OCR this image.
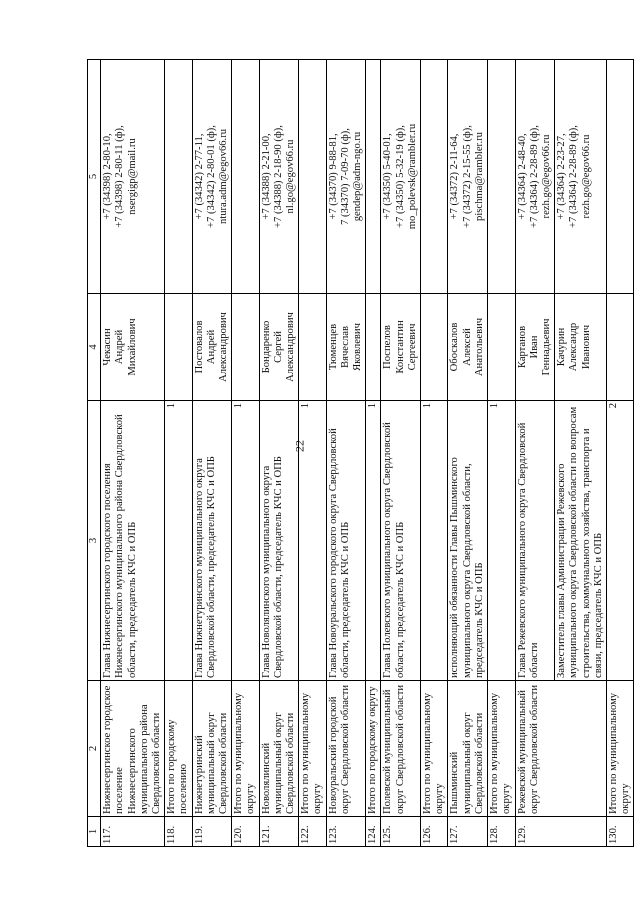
22
1	2	3	4	5
117.	Нижнесергинское городское поселение Нижнесергинского муниципального района Свердловской области	Глава Нижнесергинского городского поселения Нижнесергинского муниципального района Свердловской области, председатель КЧС и ОПБ	Чекасин Андрей Михайлович	+7 (34398) 2-80-10, +7 (34398) 2-80-11 (ф), nsergigp@mail.ru

118.	Итого по городскому поселению	1		
119.	Нижнетуринский муниципальный округ Свердловской области	Глава Нижнетуринского муниципального округа Свердловской области, председатель КЧС и ОПБ	Постовалов Андрей Александрович	+7 (34342) 2-77-11, +7 (34342) 2-80-01 (ф), ntura.adm@egov66.ru

120.	Итого по муниципальному округу	1		
121.	Новолялинский муниципальный округ Свердловской области	Глава Новолялинского муниципального округа Свердловской области, председатель КЧС и ОПБ	Бондаренко Сергей Александрович	+7 (34388) 2-21-00, +7 (34388) 2-18-90 (ф), nl.go@egov66.ru

122.	Итого по муниципальному округу	1		
123.	Новоуральский городской округ Свердловской области	Глава Новоуральского городского округа Свердловской области, председатель КЧС и ОПБ	Тюменцев Вячеслав Яковлевич	+7 (34370) 9-88-81, 7 (34370) 7-09-70 (ф), gendep@adm-ngo.ru

124.	Итого по городскому округу	1		
125.	Полевской муниципальный округ Свердловской области	Глава Полевского муниципального округа Свердловской области, председатель КЧС и ОПБ	Поспелов Константин Сергеевич	+7 (34350) 5-40-01, +7 (34350) 5-32-19 (ф), mo_polevsk@rambler.ru

126.	Итого по муниципальному округу	1		
127.	Пышминский муниципальный округ Свердловской области	исполняющий обязанности Главы Пышминского муниципального округа Свердловской области, председатель КЧС и ОПБ	Обоскалов Алексей Анатольевич	+7 (34372) 2-11-64, +7 (34372) 2-15-55 (ф), pischma@rambler.ru

128.	Итого по муниципальному округу	1		
129.	Режевской муниципальный округ Свердловской области	Глава Режевского муниципального округа Свердловской области	Картанов Иван Геннадьевич	+7 (34364) 2-48-40, +7 (34364) 2-28-89 (ф), rezh.go@egov66.ru

		Заместитель главы Администрации Режевского муниципального округа Свердловской области по вопросам строительства, коммунального хозяйства, транспорта и связи, председатель КЧС и ОПБ	Качурин Александр Иванович	+7 (34364) 2-23-27, +7 (34364) 2-28-89 (ф), rezh.go@egov66.ru

130.	Итого по муниципальному округу	2		
